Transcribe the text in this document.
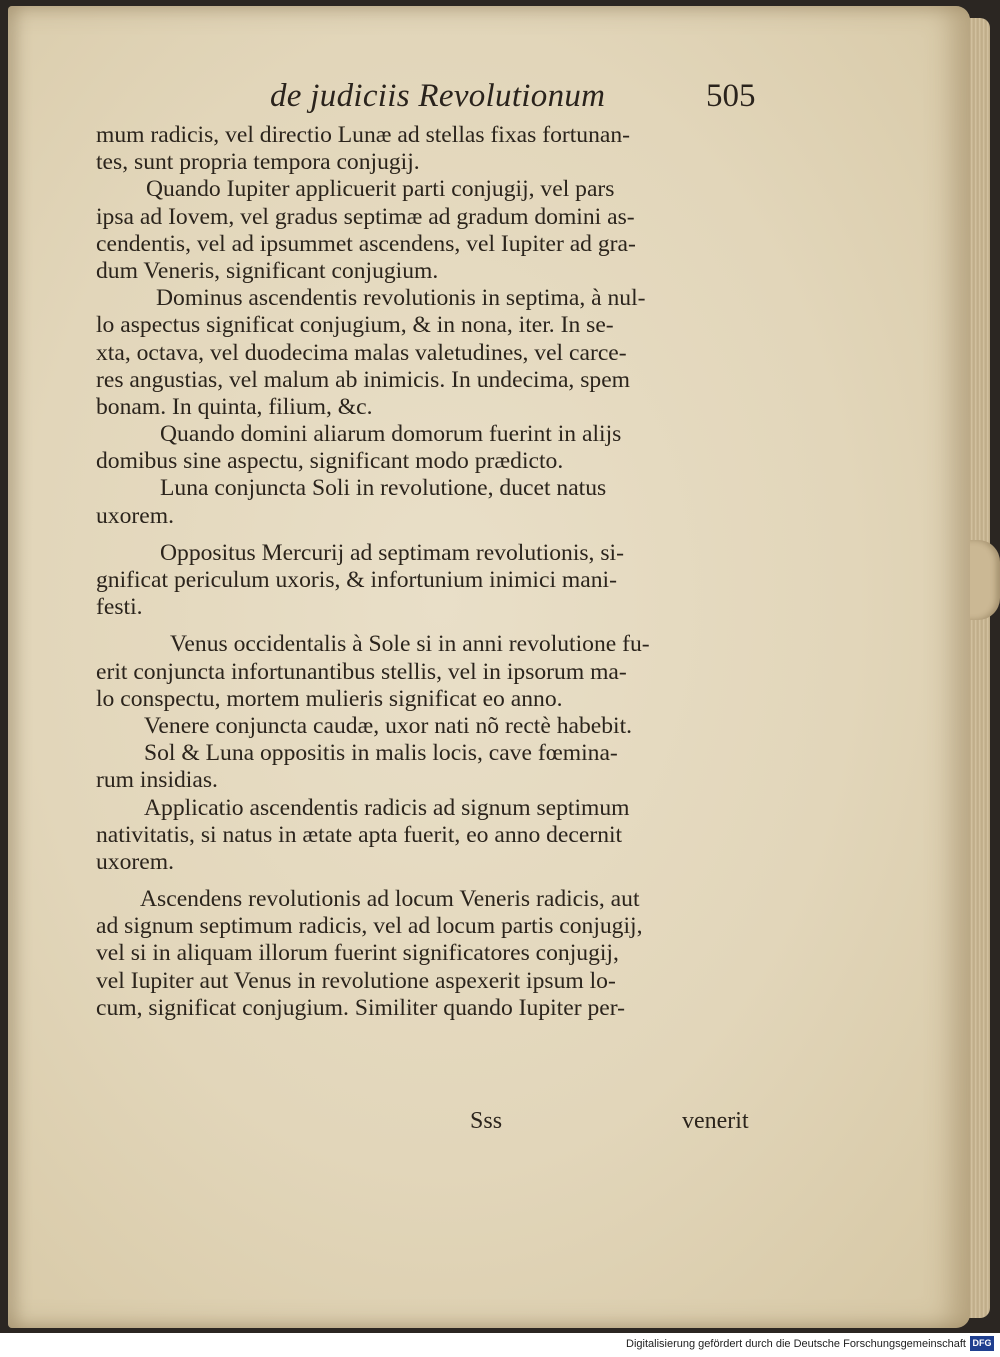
de judiciis Revolutionum	505
mum radicis, vel directio Lunæ ad stellas fixas fortunan-
tes, sunt propria tempora conjugij.
Quando Iupiter applicuerit parti conjugij, vel pars
ipsa ad Iovem, vel gradus septimæ ad gradum domini as-
cendentis, vel ad ipsummet ascendens, vel Iupiter ad gra-
dum Veneris, significant conjugium.
Dominus ascendentis revolutionis in septima, à nul-
lo aspectus significat conjugium, & in nona, iter. In se-
xta, octava, vel duodecima malas valetudines, vel carce-
res angustias, vel malum ab inimicis. In undecima, spem
bonam. In quinta, filium, &c.
Quando domini aliarum domorum fuerint in alijs
domibus sine aspectu, significant modo prædicto.
Luna conjuncta Soli in revolutione, ducet natus
uxorem.
Oppositus Mercurij ad septimam revolutionis, si-
gnificat periculum uxoris, & infortunium inimici mani-
festi.
Venus occidentalis à Sole si in anni revolutione fu-
erit conjuncta infortunantibus stellis, vel in ipsorum ma-
lo conspectu, mortem mulieris significat eo anno.
Venere conjuncta caudæ, uxor nati nõ rectè habebit.
Sol & Luna oppositis in malis locis, cave fœmina-
rum insidias.
Applicatio ascendentis radicis ad signum septimum
nativitatis, si natus in ætate apta fuerit, eo anno decernit
uxorem.
Ascendens revolutionis ad locum Veneris radicis, aut
ad signum septimum radicis, vel ad locum partis conjugij,
vel si in aliquam illorum fuerint significatores conjugij,
vel Iupiter aut Venus in revolutione aspexerit ipsum lo-
cum, significat conjugium. Similiter quando Iupiter per-
Sss	venerit
Digitalisierung gefördert durch die Deutsche Forschungsgemeinschaft DFG
